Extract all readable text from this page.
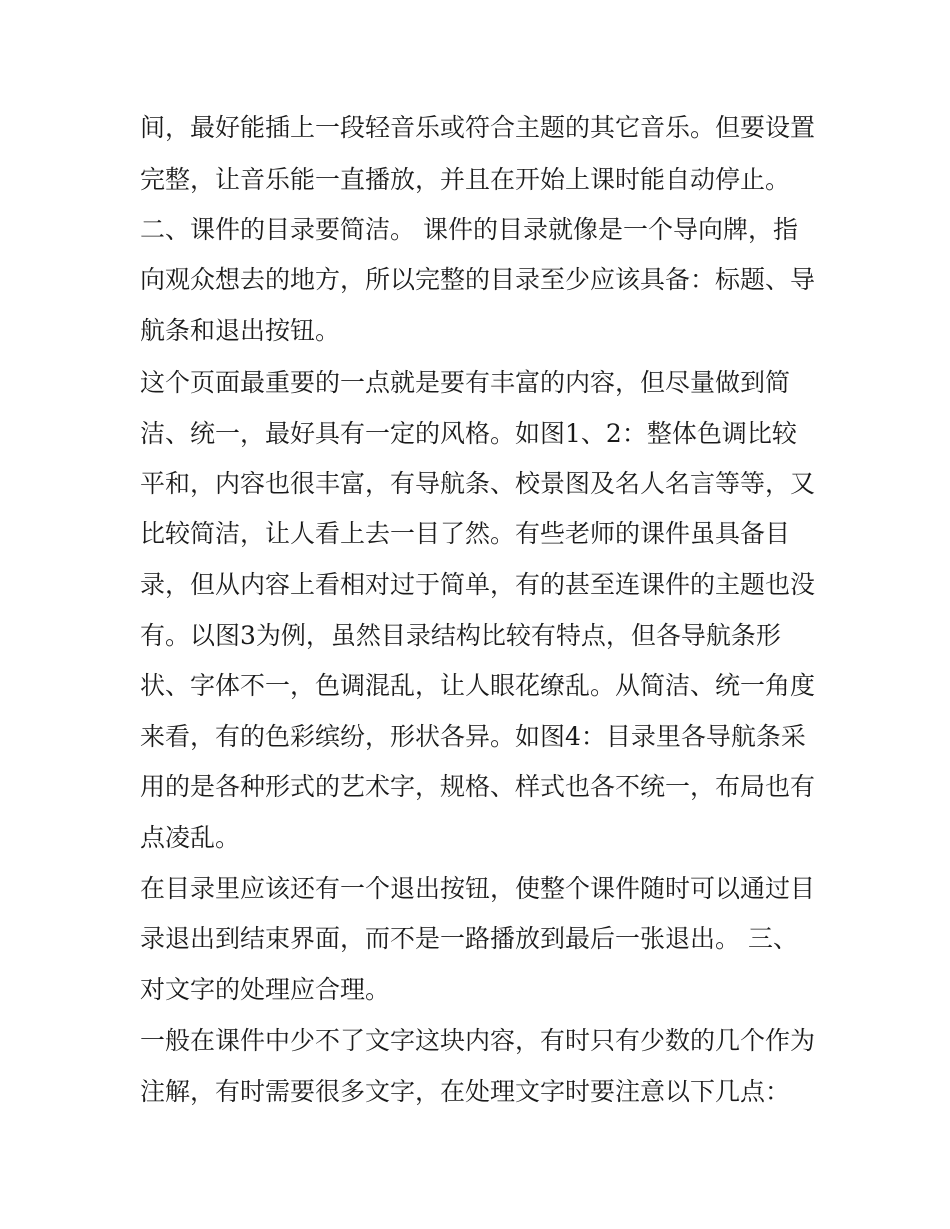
间，最好能插上一段轻音乐或符合主题的其它音乐。但要设置
完整，让音乐能一直播放，并且在开始上课时能自动停止。
二、课件的目录要简洁。 课件的目录就像是一个导向牌，指
向观众想去的地方，所以完整的目录至少应该具备：标题、导
航条和退出按钮。
这个页面最重要的一点就是要有丰富的内容，但尽量做到简
洁、统一，最好具有一定的风格。如图1、2：整体色调比较
平和，内容也很丰富，有导航条、校景图及名人名言等等，又
比较简洁，让人看上去一目了然。有些老师的课件虽具备目
录，但从内容上看相对过于简单，有的甚至连课件的主题也没
有。以图3为例，虽然目录结构比较有特点，但各导航条形
状、字体不一，色调混乱，让人眼花缭乱。从简洁、统一角度
来看，有的色彩缤纷，形状各异。如图4：目录里各导航条采
用的是各种形式的艺术字，规格、样式也各不统一，布局也有
点凌乱。
在目录里应该还有一个退出按钮，使整个课件随时可以通过目
录退出到结束界面，而不是一路播放到最后一张退出。 三、
对文字的处理应合理。
一般在课件中少不了文字这块内容，有时只有少数的几个作为
注解，有时需要很多文字，在处理文字时要注意以下几点：
